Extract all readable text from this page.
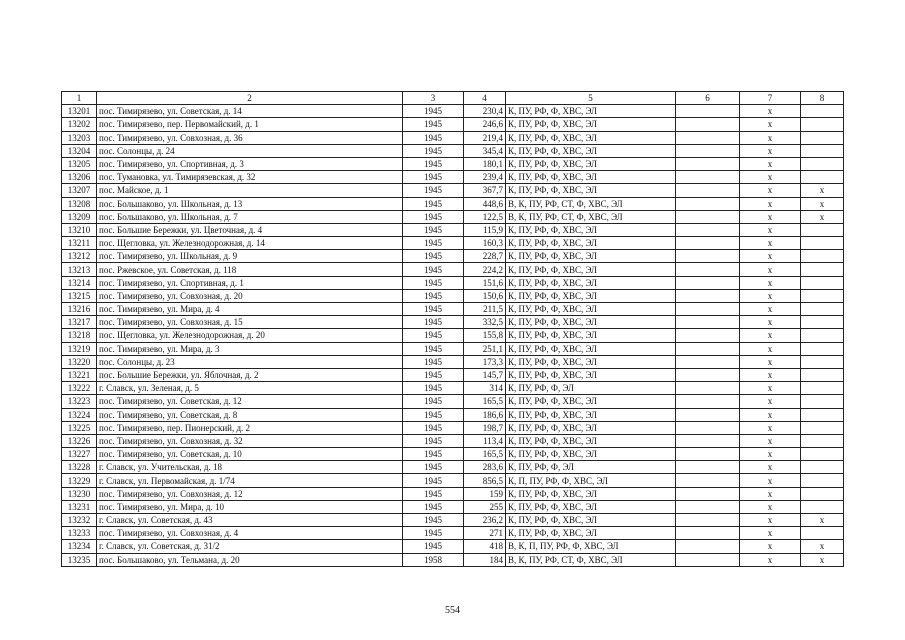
1	2	3	4	5	6	7	8
13201	пос. Тимирязево, ул. Советская, д. 14	1945	230,4	К, ПУ, РФ, Ф, ХВС, ЭЛ		x	
13202	пос. Тимирязево, пер. Первомайский, д. 1	1945	246,6	К, ПУ, РФ, Ф, ХВС, ЭЛ		x	
13203	пос. Тимирязево, ул. Совхозная, д. 36	1945	219,4	К, ПУ, РФ, Ф, ХВС, ЭЛ		x	
13204	пос. Солонцы, д. 24	1945	345,4	К, ПУ, РФ, Ф, ХВС, ЭЛ		x	
13205	пос. Тимирязево, ул. Спортивная, д. 3	1945	180,1	К, ПУ, РФ, Ф, ХВС, ЭЛ		x	
13206	пос. Тумановка, ул. Тимирязевская, д. 32	1945	239,4	К, ПУ, РФ, Ф, ХВС, ЭЛ		x	
13207	пос. Майское, д. 1	1945	367,7	К, ПУ, РФ, Ф, ХВС, ЭЛ		x	x
13208	пос. Большаково, ул. Школьная, д. 13	1945	448,6	В, К, ПУ, РФ, СТ, Ф, ХВС, ЭЛ		x	x
13209	пос. Большаково, ул. Школьная, д. 7	1945	122,5	В, К, ПУ, РФ, СТ, Ф, ХВС, ЭЛ		x	x
13210	пос. Большие Бережки, ул. Цветочная, д. 4	1945	115,9	К, ПУ, РФ, Ф, ХВС, ЭЛ		x	
13211	пос. Щегловка, ул. Железнодорожная, д. 14	1945	160,3	К, ПУ, РФ, Ф, ХВС, ЭЛ		x	
13212	пос. Тимирязево, ул. Школьная, д. 9	1945	228,7	К, ПУ, РФ, Ф, ХВС, ЭЛ		x	
13213	пос. Ржевское, ул. Советская, д. 118	1945	224,2	К, ПУ, РФ, Ф, ХВС, ЭЛ		x	
13214	пос. Тимирязево, ул. Спортивная, д. 1	1945	151,6	К, ПУ, РФ, Ф, ХВС, ЭЛ		x	
13215	пос. Тимирязево, ул. Совхозная, д. 20	1945	150,6	К, ПУ, РФ, Ф, ХВС, ЭЛ		x	
13216	пос. Тимирязево, ул. Мира, д. 4	1945	211,5	К, ПУ, РФ, Ф, ХВС, ЭЛ		x	
13217	пос. Тимирязево, ул. Совхозная, д. 15	1945	332,5	К, ПУ, РФ, Ф, ХВС, ЭЛ		x	
13218	пос. Щегловка, ул. Железнодорожная, д. 20	1945	155,8	К, ПУ, РФ, Ф, ХВС, ЭЛ		x	
13219	пос. Тимирязево, ул. Мира, д. 3	1945	251,1	К, ПУ, РФ, Ф, ХВС, ЭЛ		x	
13220	пос. Солонцы, д. 23	1945	173,3	К, ПУ, РФ, Ф, ХВС, ЭЛ		x	
13221	пос. Большие Бережки, ул. Яблочная, д. 2	1945	145,7	К, ПУ, РФ, Ф, ХВС, ЭЛ		x	
13222	г. Славск, ул. Зеленая, д. 5	1945	314	К, ПУ, РФ, Ф, ЭЛ		x	
13223	пос. Тимирязево, ул. Советская, д. 12	1945	165,5	К, ПУ, РФ, Ф, ХВС, ЭЛ		x	
13224	пос. Тимирязево, ул. Советская, д. 8	1945	186,6	К, ПУ, РФ, Ф, ХВС, ЭЛ		x	
13225	пос. Тимирязево, пер. Пионерский, д. 2	1945	198,7	К, ПУ, РФ, Ф, ХВС, ЭЛ		x	
13226	пос. Тимирязево, ул. Совхозная, д. 32	1945	113,4	К, ПУ, РФ, Ф, ХВС, ЭЛ		x	
13227	пос. Тимирязево, ул. Советская, д. 10	1945	165,5	К, ПУ, РФ, Ф, ХВС, ЭЛ		x	
13228	г. Славск, ул. Учительская, д. 18	1945	283,6	К, ПУ, РФ, Ф, ЭЛ		x	
13229	г. Славск, ул. Первомайская, д. 1/74	1945	856,5	К, П, ПУ, РФ, Ф, ХВС, ЭЛ		x	
13230	пос. Тимирязево, ул. Совхозная, д. 12	1945	159	К, ПУ, РФ, Ф, ХВС, ЭЛ		x	
13231	пос. Тимирязево, ул. Мира, д. 10	1945	255	К, ПУ, РФ, Ф, ХВС, ЭЛ		x	
13232	г. Славск, ул. Советская, д. 43	1945	236,2	К, ПУ, РФ, Ф, ХВС, ЭЛ		x	x
13233	пос. Тимирязево, ул. Совхозная, д. 4	1945	271	К, ПУ, РФ, Ф, ХВС, ЭЛ		x	
13234	г. Славск, ул. Советская, д. 31/2	1945	418	В, К, П, ПУ, РФ, Ф, ХВС, ЭЛ		x	x
13235	пос. Большаково, ул. Тельмана, д. 20	1958	184	В, К, ПУ, РФ, СТ, Ф, ХВС, ЭЛ		x	x
554
